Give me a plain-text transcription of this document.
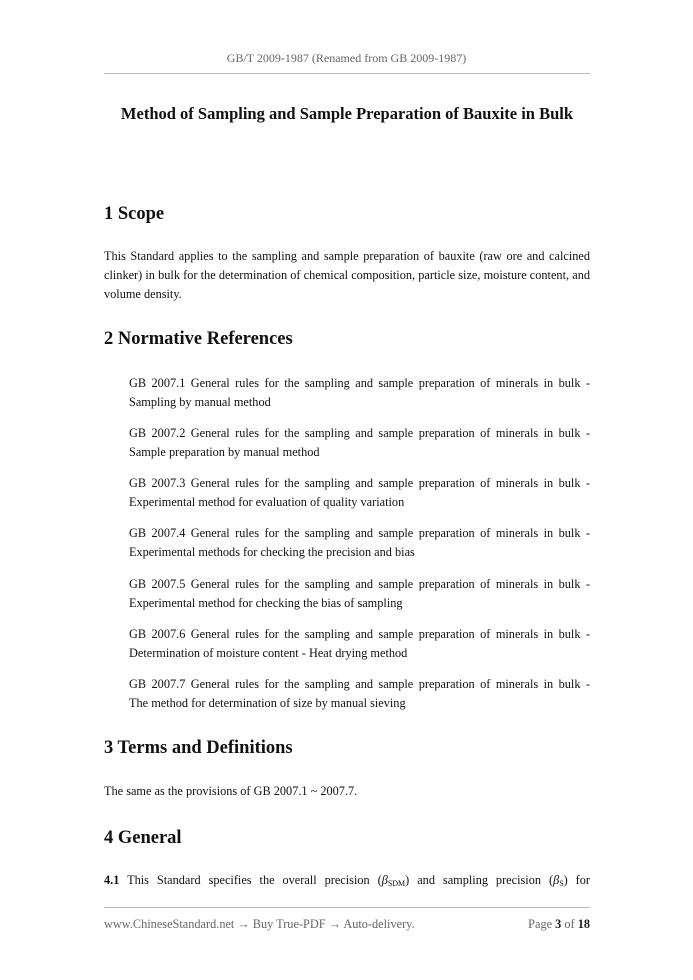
GB/T 2009-1987 (Renamed from GB 2009-1987)
Method of Sampling and Sample Preparation of Bauxite in Bulk
1 Scope

This Standard applies to the sampling and sample preparation of bauxite (raw ore and calcined clinker) in bulk for the determination of chemical composition, particle size, moisture content, and volume density.

2 Normative References
GB 2007.1 General rules for the sampling and sample preparation of minerals in bulk -
Sampling by manual method
GB 2007.2 General rules for the sampling and sample preparation of minerals in bulk -
Sample preparation by manual method
GB 2007.3 General rules for the sampling and sample preparation of minerals in bulk -
Experimental method for evaluation of quality variation
GB 2007.4 General rules for the sampling and sample preparation of minerals in bulk -
Experimental methods for checking the precision and bias
GB 2007.5 General rules for the sampling and sample preparation of minerals in bulk -
Experimental method for checking the bias of sampling
GB 2007.6 General rules for the sampling and sample preparation of minerals in bulk -
Determination of moisture content - Heat drying method
GB 2007.7 General rules for the sampling and sample preparation of minerals in bulk -
The method for determination of size by manual sieving
3 Terms and Definitions

The same as the provisions of GB 2007.1 ~ 2007.7.

4 General
4.1 This Standard specifies the overall precision $(\beta_{SDM})$ and sampling precision $(\beta_S)$ for
www.ChineseStandard.net → Buy True-PDF → Auto-delivery.	Page 3 of 18
